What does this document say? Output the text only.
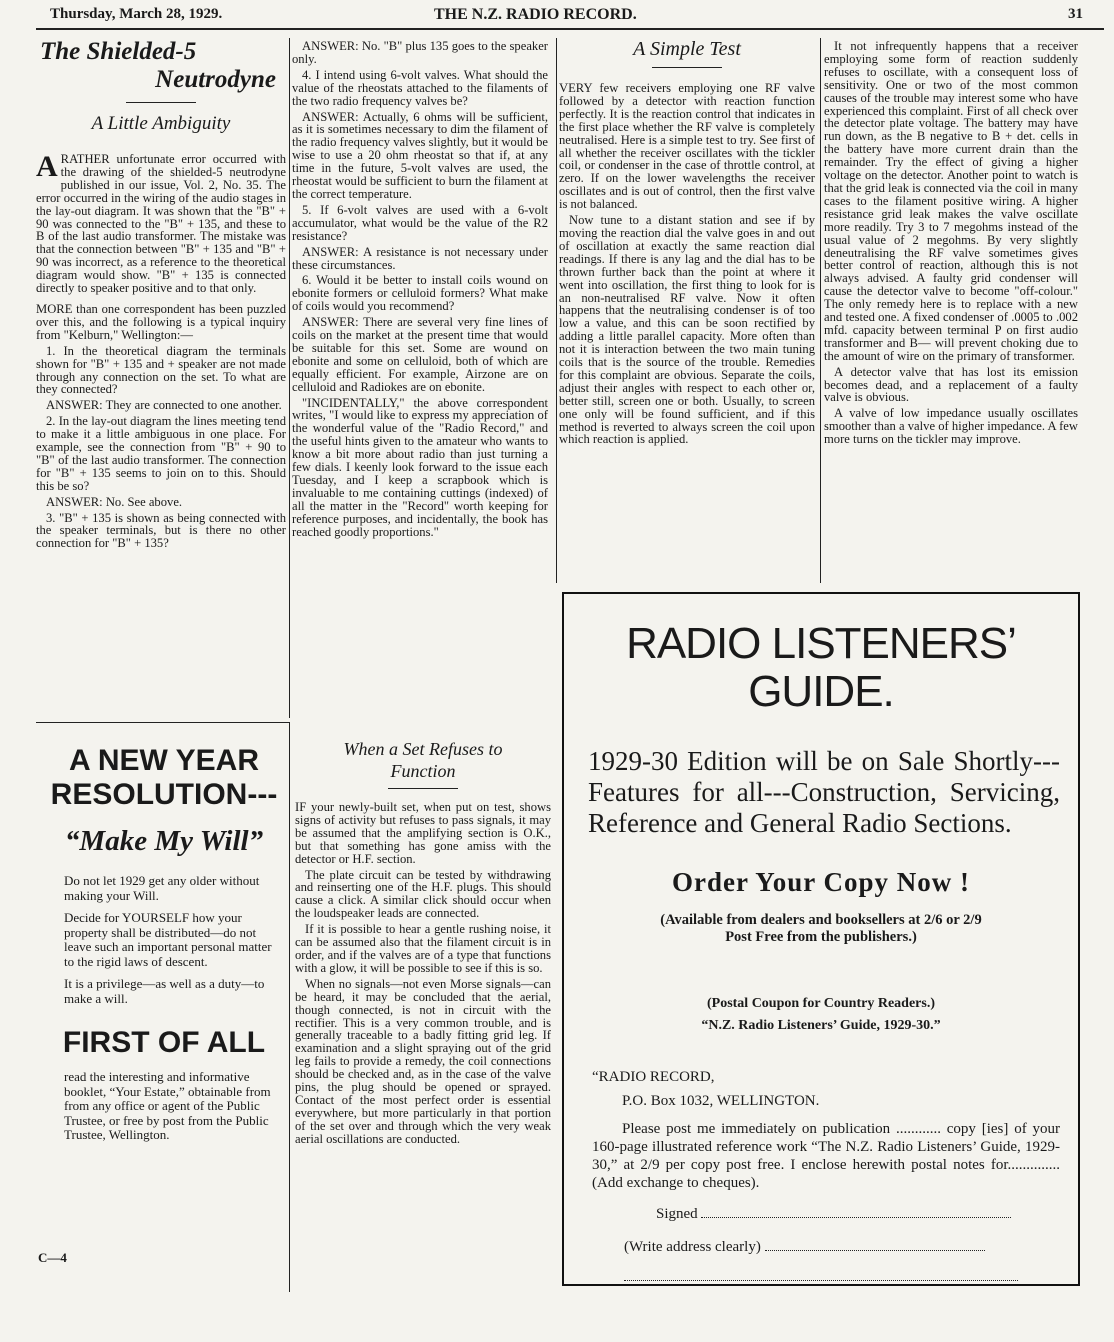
Thursday, March 28, 1929.	THE N.Z. RADIO RECORD.	31
The Shielded-5
Neutrodyne
A Little Ambiguity

ARATHER unfortunate error occurred with the drawing of the shielded-5 neutrodyne published in our issue, Vol. 2, No. 35. The error occurred in the wiring of the audio stages in the lay-out diagram. It was shown that the "B" + 90 was connected to the "B" + 135, and these to B of the last audio transformer. The mistake was that the connection between "B" + 135 and "B" + 90 was incorrect, as a reference to the theoretical diagram would show. "B" + 135 is connected directly to speaker positive and to that only.

MORE than one correspondent has been puzzled over this, and the following is a typical inquiry from "Kelburn," Wellington:—

1. In the theoretical diagram the terminals shown for "B" + 135 and + speaker are not made through any connection on the set. To what are they connected?

ANSWER: They are connected to one another.

2. In the lay-out diagram the lines meeting tend to make it a little ambiguous in one place. For example, see the connection from "B" + 90 to "B" of the last audio transformer. The connection for "B" + 135 seems to join on to this. Should this be so?

ANSWER: No. See above.

3. "B" + 135 is shown as being connected with the speaker terminals, but is there no other connection for "B" + 135?

ANSWER: No. "B" plus 135 goes to the speaker only.

4. I intend using 6-volt valves. What should the value of the rheostats attached to the filaments of the two radio frequency valves be?

ANSWER: Actually, 6 ohms will be sufficient, as it is sometimes necessary to dim the filament of the radio frequency valves slightly, but it would be wise to use a 20 ohm rheostat so that if, at any time in the future, 5-volt valves are used, the rheostat would be sufficient to burn the filament at the correct temperature.

5. If 6-volt valves are used with a 6-volt accumulator, what would be the value of the R2 resistance?

ANSWER: A resistance is not necessary under these circumstances.

6. Would it be better to install coils wound on ebonite formers or celluloid formers? What make of coils would you recommend?

ANSWER: There are several very fine lines of coils on the market at the present time that would be suitable for this set. Some are wound on ebonite and some on celluloid, both of which are equally efficient. For example, Airzone are on celluloid and Radiokes are on ebonite.

"INCIDENTALLY," the above correspondent writes, "I would like to express my appreciation of the wonderful value of the "Radio Record," and the useful hints given to the amateur who wants to know a bit more about radio than just turning a few dials. I keenly look forward to the issue each Tuesday, and I keep a scrapbook which is invaluable to me containing cuttings (indexed) of all the matter in the "Record" worth keeping for reference purposes, and incidentally, the book has reached goodly proportions."

A Simple Test

VERY few receivers employing one RF valve followed by a detector with reaction function perfectly. It is the reaction control that indicates in the first place whether the RF valve is completely neutralised. Here is a simple test to try. See first of all whether the receiver oscillates with the tickler coil, or condenser in the case of throttle control, at zero. If on the lower wavelengths the receiver oscillates and is out of control, then the first valve is not balanced.

Now tune to a distant station and see if by moving the reaction dial the valve goes in and out of oscillation at exactly the same reaction dial readings. If there is any lag and the dial has to be thrown further back than the point at where it went into oscillation, the first thing to look for is an non-neutralised RF valve. Now it often happens that the neutralising condenser is of too low a value, and this can be soon rectified by adding a little parallel capacity. More often than not it is interaction between the two main tuning coils that is the source of the trouble. Remedies for this complaint are obvious. Separate the coils, adjust their angles with respect to each other or, better still, screen one or both. Usually, to screen one only will be found sufficient, and if this method is reverted to always screen the coil upon which reaction is applied.

It not infrequently happens that a receiver employing some form of reaction suddenly refuses to oscillate, with a consequent loss of sensitivity. One or two of the most common causes of the trouble may interest some who have experienced this complaint. First of all check over the detector plate voltage. The battery may have run down, as the B negative to B + det. cells in the battery have more current drain than the remainder. Try the effect of giving a higher voltage on the detector. Another point to watch is that the grid leak is connected via the coil in many cases to the filament positive wiring. A higher resistance grid leak makes the valve oscillate more readily. Try 3 to 7 megohms instead of the usual value of 2 megohms. By very slightly deneutralising the RF valve sometimes gives better control of reaction, although this is not always advised. A faulty grid condenser will cause the detector valve to become "off-colour." The only remedy here is to replace with a new and tested one. A fixed condenser of .0005 to .002 mfd. capacity between terminal P on first audio transformer and B— will prevent choking due to the amount of wire on the primary of transformer.

A detector valve that has lost its emission becomes dead, and a replacement of a faulty valve is obvious.

A valve of low impedance usually oscillates smoother than a valve of higher impedance. A few more turns on the tickler may improve.

A NEW YEAR
RESOLUTION---
“Make My Will”
Do not let 1929 get any older without making your Will.
Decide for YOURSELF how your property shall be distributed—do not leave such an important personal matter to the rigid laws of descent.
It is a privilege—as well as a duty—to make a will.
FIRST OF ALL
read the interesting and informative booklet, “Your Estate,” obtainable from from any office or agent of the Public Trustee, or free by post from the Public Trustee, Wellington.
C—4
When a Set Refuses to
Function

IF your newly-built set, when put on test, shows signs of activity but refuses to pass signals, it may be assumed that the amplifying section is O.K., but that something has gone amiss with the detector or H.F. section.

The plate circuit can be tested by withdrawing and reinserting one of the H.F. plugs. This should cause a click. A similar click should occur when the loudspeaker leads are connected.

If it is possible to hear a gentle rushing noise, it can be assumed also that the filament circuit is in order, and if the valves are of a type that functions with a glow, it will be possible to see if this is so.

When no signals—not even Morse signals—can be heard, it may be concluded that the aerial, though connected, is not in circuit with the rectifier. This is a very common trouble, and is generally traceable to a badly fitting grid leg. If examination and a slight spraying out of the grid leg fails to provide a remedy, the coil connections should be checked and, as in the case of the valve pins, the plug should be opened or sprayed. Contact of the most perfect order is essential everywhere, but more particularly in that portion of the set over and through which the very weak aerial oscillations are conducted.

RADIO LISTENERS’
GUIDE.
1929-30 Edition will be on Sale Shortly---Features for all---Construction, Servicing, Reference and General Radio Sections.
Order Your Copy Now !
(Available from dealers and booksellers at 2/6 or 2/9
Post Free from the publishers.)
(Postal Coupon for Country Readers.)
“N.Z. Radio Listeners’ Guide, 1929-30.”
“RADIO RECORD,
P.O. Box 1032, WELLINGTON.
Please post me immediately on publication ............ copy [ies] of your 160-page illustrated reference work “The N.Z. Radio Listeners’ Guide, 1929-30,” at 2/9 per copy post free. I enclose herewith postal notes for.............. (Add exchange to cheques).
Signed
(Write address clearly)
